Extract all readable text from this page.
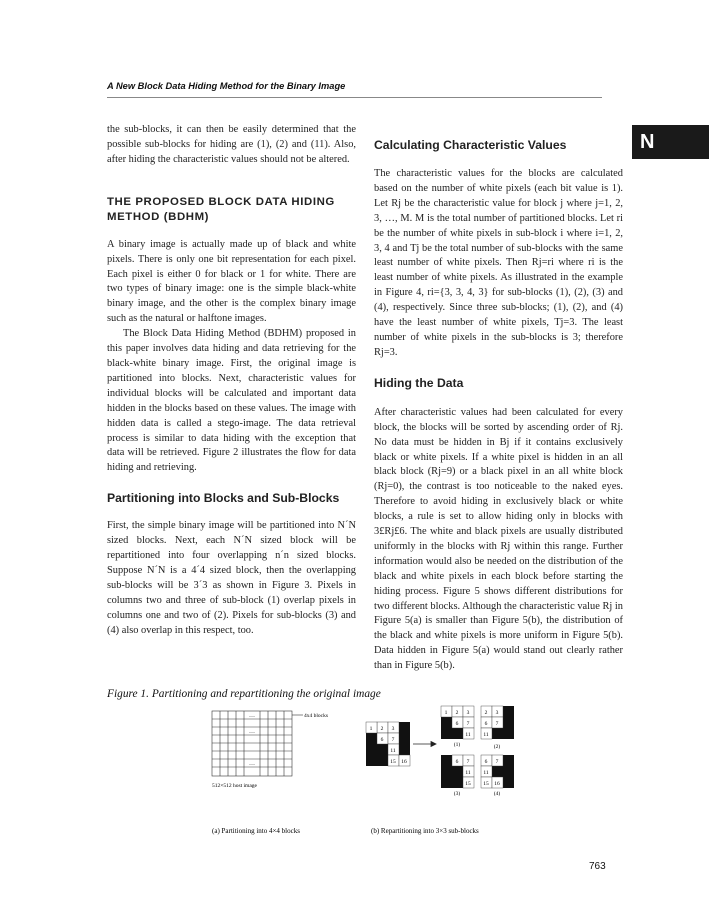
A New Block Data Hiding Method for the Binary Image
N

the sub-blocks, it can then be easily determined that the possible sub-blocks for hiding are (1), (2) and (11). Also, after hiding the characteristic values should not be altered.

THE PROPOSED BLOCK DATA HIDING METHOD (BDHM)

A binary image is actually made up of black and white pixels. There is only one bit representation for each pixel. Each pixel is either 0 for black or 1 for white. There are two types of binary image: one is the simple black-white binary image, and the other is the complex binary image such as the natural or halftone images.

The Block Data Hiding Method (BDHM) proposed in this paper involves data hiding and data retrieving for the black-white binary image. First, the original image is partitioned into blocks. Next, characteristic values for individual blocks will be calculated and important data hidden in the blocks based on these values. The image with hidden data is called a stego-image. The data retrieval process is similar to data hiding with the exception that data will be retrieved. Figure 2 illustrates the flow for data hiding and retrieving.

Partitioning into Blocks and Sub-Blocks

First, the simple binary image will be partitioned into N´N sized blocks. Next, each N´N sized block will be repartitioned into four overlapping n´n sized blocks. Suppose N´N is a 4´4 sized block, then the overlapping sub-blocks will be 3´3 as shown in Figure 3. Pixels in columns two and three of sub-block (1) overlap pixels in columns one and two of (2). Pixels for sub-blocks (3) and (4) also overlap in this respect, too.

Calculating Characteristic Values

The characteristic values for the blocks are calculated based on the number of white pixels (each bit value is 1). Let Rj be the characteristic value for block j where j=1, 2, 3, …, M. M is the total number of partitioned blocks. Let ri be the number of white pixels in sub-block i where i=1, 2, 3, 4 and Tj be the total number of sub-blocks with the same least number of white pixels. Then Rj=ri where ri is the least number of white pixels. As illustrated in the example in Figure 4, ri={3, 3, 4, 3} for sub-blocks (1), (2), (3) and (4), respectively. Since three sub-blocks; (1), (2), and (4) have the least number of white pixels, Tj=3. The least number of white pixels in the sub-blocks is 3; therefore Rj=3.

Hiding the Data

After characteristic values had been calculated for every block, the blocks will be sorted by ascending order of Rj. No data must be hidden in Bj if it contains exclusively black or white pixels. If a white pixel is hidden in an all black block (Rj=9) or a black pixel in an all white block (Rj=0), the contrast is too noticeable to the naked eyes. Therefore to avoid hiding in exclusively black or white blocks, a rule is set to allow hiding only in blocks with 3£Rj£6. The white and black pixels are usually distributed uniformly in the blocks with Rj within this range. Further information would also be needed on the distribution of the black and white pixels in each block before starting the hiding process. Figure 5 shows different distributions for two different blocks. Although the characteristic value Rj in Figure 5(a) is smaller than Figure 5(b), the distribution of the black and white pixels is more uniform in Figure 5(b). Data hidden in Figure 5(a) would stand out clearly rather than in Figure 5(b).

Figure 1. Partitioning and repartitioning the original image
…
…
…
4x4 blocks
512×512 host image
(a) Partitioning into 4×4 blocks
1 2 3
6 7
11
15 16
1 2 3
6 7
11
2 3
6 7
11
6 7
11
15
6 7
11
15 16
(1)	(2)
(3)	(4)
(b) Repartitioning into 3×3 sub-blocks
763
